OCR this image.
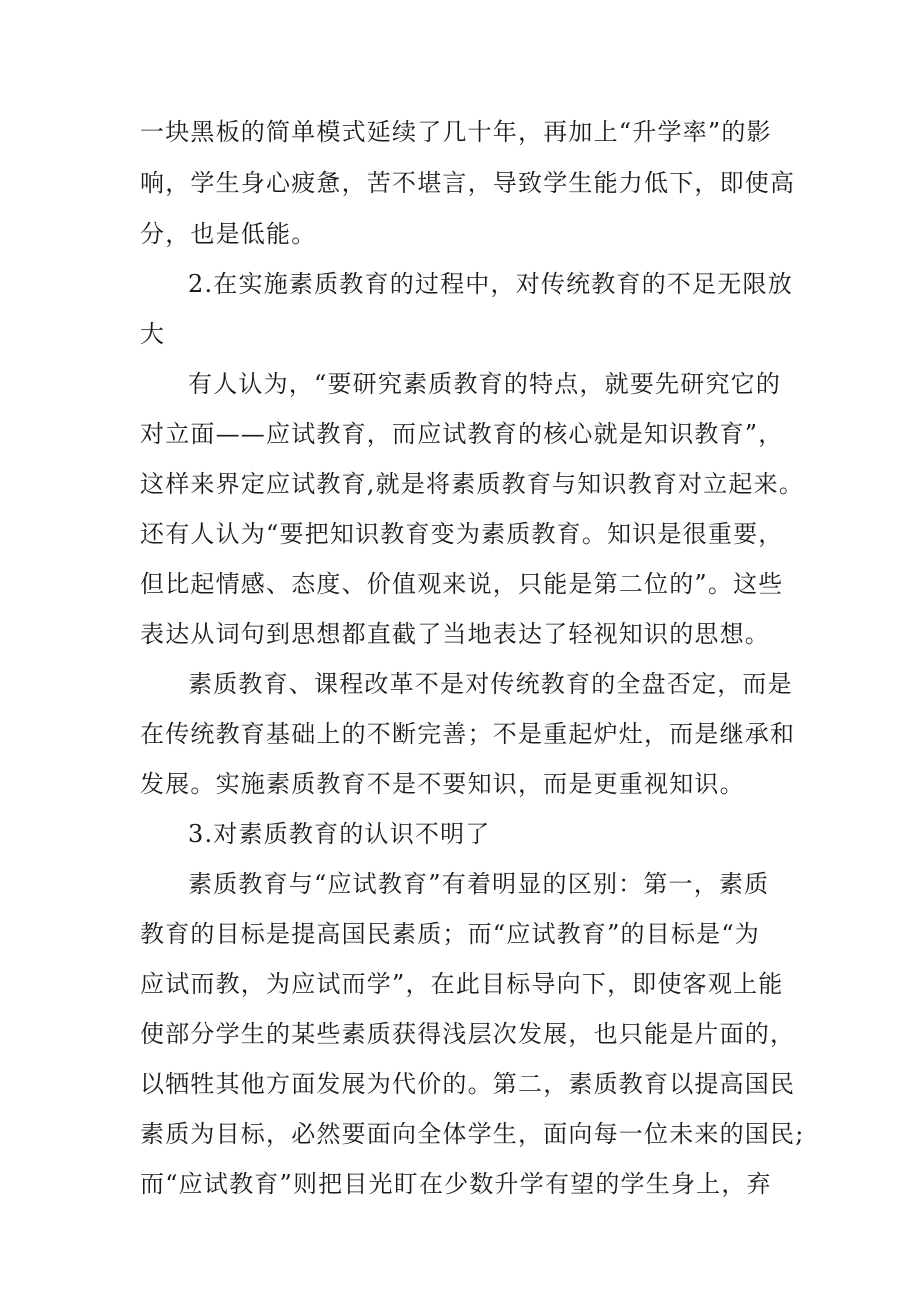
一块黑板的简单模式延续了几十年，再加上“升学率”的影
响，学生身心疲惫，苦不堪言，导致学生能力低下，即使高
分，也是低能。
2.在实施素质教育的过程中，对传统教育的不足无限放
大
有人认为，“要研究素质教育的特点，就要先研究它的
对立面——应试教育，而应试教育的核心就是知识教育”，
这样来界定应试教育,就是将素质教育与知识教育对立起来。
还有人认为“要把知识教育变为素质教育。知识是很重要，
但比起情感、态度、价值观来说，只能是第二位的”。这些
表达从词句到思想都直截了当地表达了轻视知识的思想。
素质教育、课程改革不是对传统教育的全盘否定，而是
在传统教育基础上的不断完善；不是重起炉灶，而是继承和
发展。实施素质教育不是不要知识，而是更重视知识。
3.对素质教育的认识不明了
素质教育与“应试教育”有着明显的区别：第一，素质
教育的目标是提高国民素质；而“应试教育”的目标是“为
应试而教，为应试而学”，在此目标导向下，即使客观上能
使部分学生的某些素质获得浅层次发展，也只能是片面的，
以牺牲其他方面发展为代价的。第二，素质教育以提高国民
素质为目标，必然要面向全体学生，面向每一位未来的国民;
而“应试教育”则把目光盯在少数升学有望的学生身上，弃
